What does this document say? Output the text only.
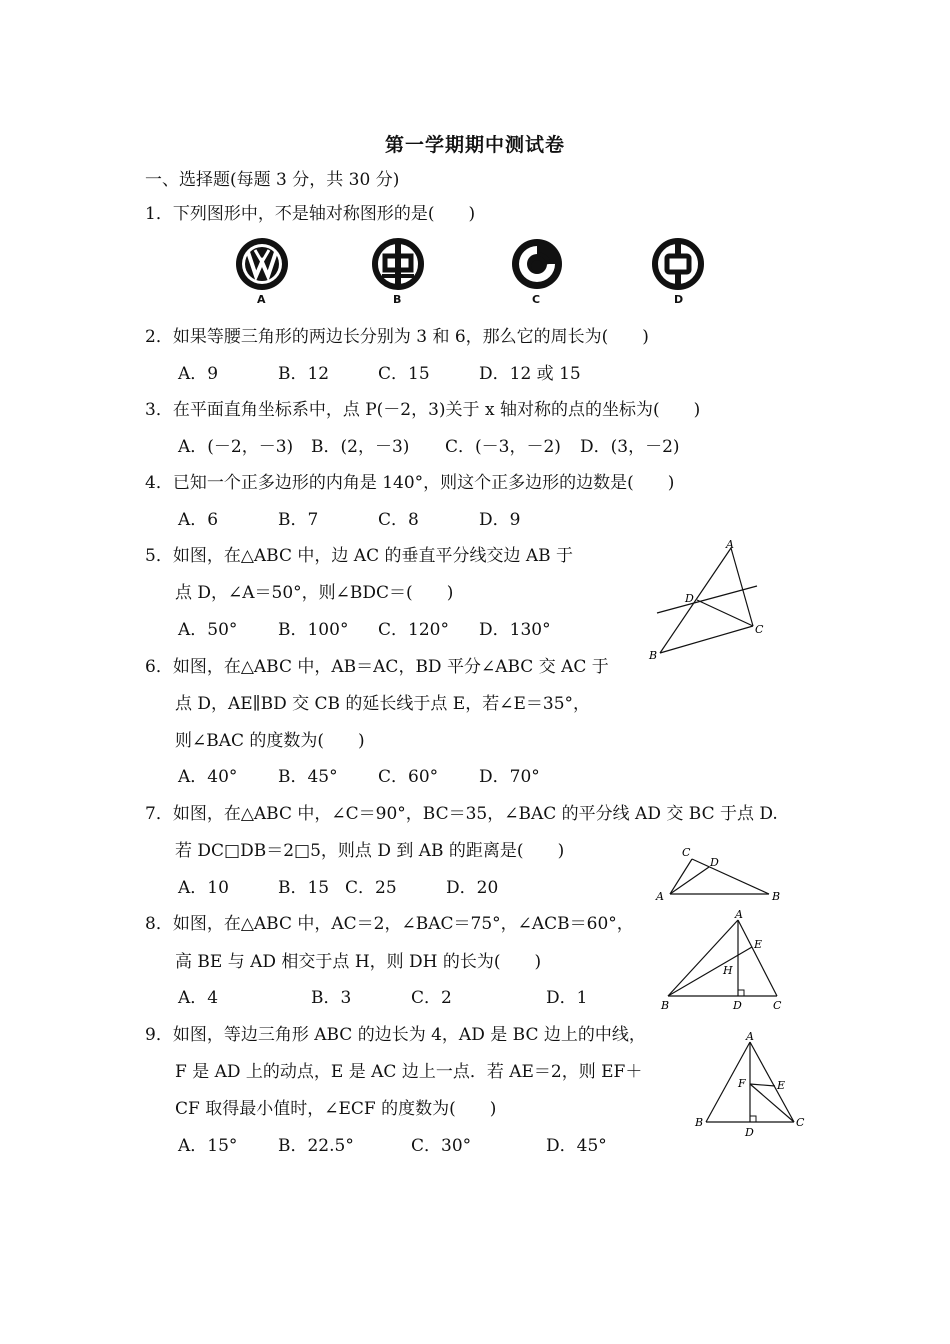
第一学期期中测试卷
一、选择题(每题 3 分，共 30 分)
1．下列图形中，不是轴对称图形的是(　　)
A	B	C	D
2．如果等腰三角形的两边长分别为 3 和 6，那么它的周长为(　　)
A．9	B．12	C．15	D．12 或 15
3．在平面直角坐标系中，点 P(－2，3)关于 x 轴对称的点的坐标为(　　)
A．(－2，－3) B．(2，－3) C．(－3，－2) D．(3，－2)
4．已知一个正多边形的内角是 140°，则这个正多边形的边数是(　　)
A．6	B．7	C．8	D．9
5．如图，在△ABC 中，边 AC 的垂直平分线交边 AB 于
点 D，∠A＝50°，则∠BDC＝(　　)
A．50° B．100° C．120° D．130°
A
D
C
B
6．如图，在△ABC 中，AB＝AC，BD 平分∠ABC 交 AC 于
点 D，AE∥BD 交 CB 的延长线于点 E，若∠E＝35°，
则∠BAC 的度数为(　　)
A．40° B．45° C．60° D．70°
7．如图，在△ABC 中，∠C＝90°，BC＝35，∠BAC 的平分线 AD 交 BC 于点 D.
若 DC□DB＝2□5，则点 D 到 AB 的距离是(　　)
A．10	B．15 C．25	D．20
C
D
A	B
8．如图，在△ABC 中，AC＝2，∠BAC＝75°，∠ACB＝60°，
高 BE 与 AD 相交于点 H，则 DH 的长为(　　)
A．4	B．3	C．2	D．1
A
E
H
B	D	C
9．如图，等边三角形 ABC 的边长为 4，AD 是 BC 边上的中线，
F 是 AD 上的动点，E 是 AC 边上一点．若 AE＝2，则 EF＋
CF 取得最小值时，∠ECF 的度数为(　　)
A．15° B．22.5°	C．30°	D．45°
A
F	E
B
D
C
